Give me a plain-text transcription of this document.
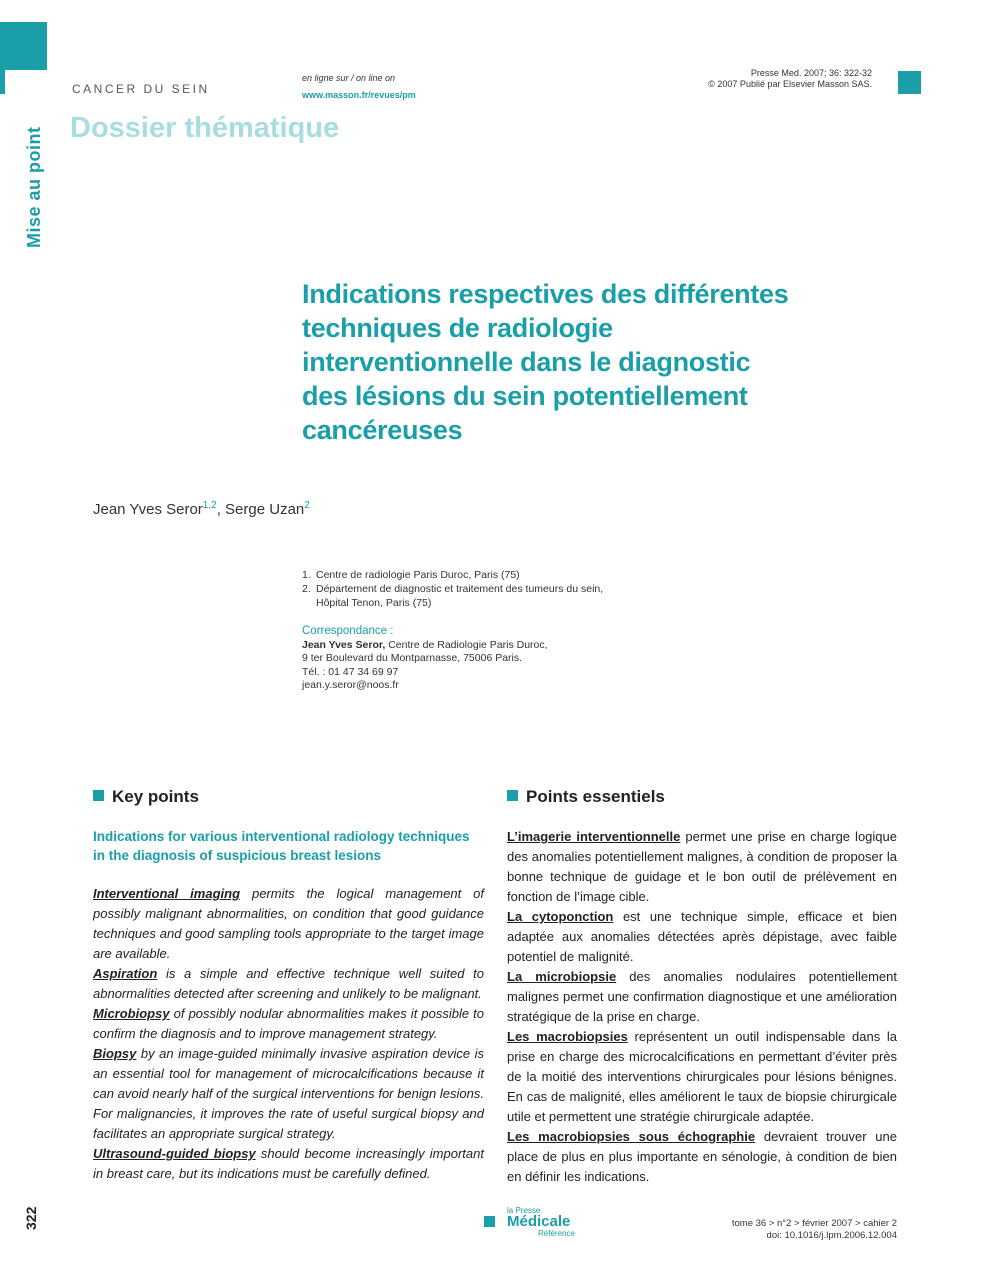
CANCER DU SEIN
Dossier thématique
Mise au point
en ligne sur / on line on
www.masson.fr/revues/pm
Presse Med. 2007; 36: 322-32
© 2007 Publié par Elsevier Masson SAS.
Indications respectives des différentes
techniques de radiologie
interventionnelle dans le diagnostic
des lésions du sein potentiellement
cancéreuses
Jean Yves Seror$^{1,2}$, Serge Uzan$^2$
1. Centre de radiologie Paris Duroc, Paris (75)
2. Département de diagnostic et traitement des tumeurs du sein,
Hôpital Tenon, Paris (75)
Correspondance :
Jean Yves Seror, Centre de Radiologie Paris Duroc,
9 ter Boulevard du Montparnasse, 75006 Paris.
Tél. : 01 47 34 69 97
jean.y.seror@noos.fr
Key points
Indications for various interventional radiology techniques in the diagnosis of suspicious breast lesions

Interventional imaging permits the logical management of possibly malignant abnormalities, on condition that good guidance techniques and good sampling tools appropriate to the target image are available.

Aspiration is a simple and effective technique well suited to abnormalities detected after screening and unlikely to be malignant.

Microbiopsy of possibly nodular abnormalities makes it possible to confirm the diagnosis and to improve management strategy.

Biopsy by an image-guided minimally invasive aspiration device is an essential tool for management of microcalcifications because it can avoid nearly half of the surgical interventions for benign lesions. For malignancies, it improves the rate of useful surgical biopsy and facilitates an appropriate surgical strategy.

Ultrasound-guided biopsy should become increasingly important in breast care, but its indications must be carefully defined.

Points essentiels

L’imagerie interventionnelle permet une prise en charge logique des anomalies potentiellement malignes, à condition de proposer la bonne technique de guidage et le bon outil de prélèvement en fonction de l’image cible.

La cytoponction est une technique simple, efficace et bien adaptée aux anomalies détectées après dépistage, avec faible potentiel de malignité.

La microbiopsie des anomalies nodulaires potentiellement malignes permet une confirmation diagnostique et une amélioration stratégique de la prise en charge.

Les macrobiopsies représentent un outil indispensable dans la prise en charge des microcalcifications en permettant d’éviter près de la moitié des interventions chirurgicales pour lésions bénignes. En cas de malignité, elles améliorent le taux de biopsie chirurgicale utile et permettent une stratégie chirurgicale adaptée.

Les macrobiopsies sous échographie devraient trouver une place de plus en plus importante en sénologie, à condition de bien en définir les indications.

322	la Presse
Médicale
Référence
tome 36 > n°2 > février 2007 > cahier 2
doi: 10.1016/j.lpm.2006.12.004
